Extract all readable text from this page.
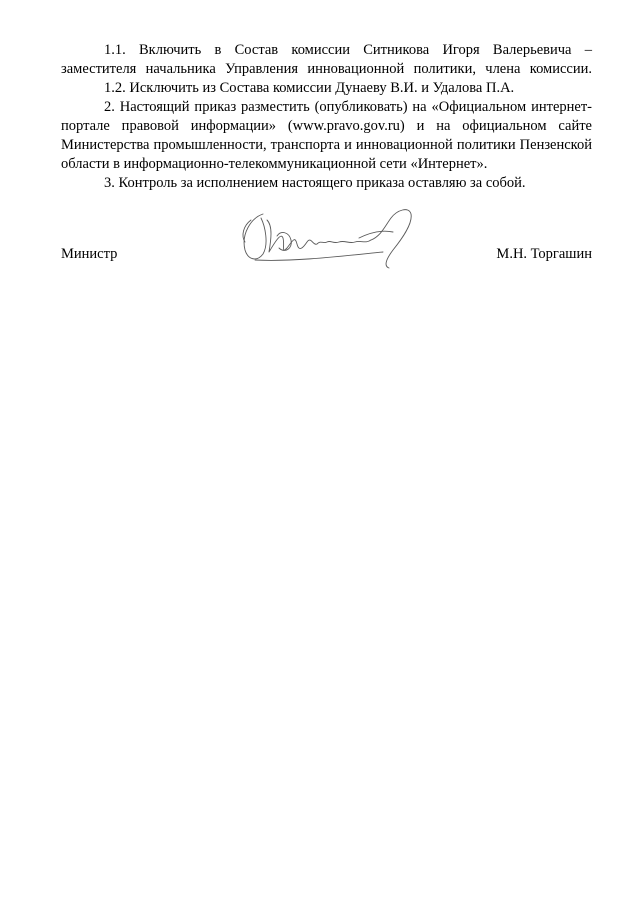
1.1. Включить в Состав комиссии Ситникова Игоря Валерьевича – заместителя начальника Управления инновационной политики, члена комиссии.

1.2. Исключить из Состава комиссии Дунаеву В.И. и Удалова П.А.

2. Настоящий приказ разместить (опубликовать) на «Официальном интернет-портале правовой информации» (www.pravo.gov.ru) и на официальном сайте Министерства промышленности, транспорта и инновационной политики Пензенской области в информационно-телекоммуникационной сети «Интернет».

3. Контроль за исполнением настоящего приказа оставляю за собой.

Министр	М.Н. Торгашин
